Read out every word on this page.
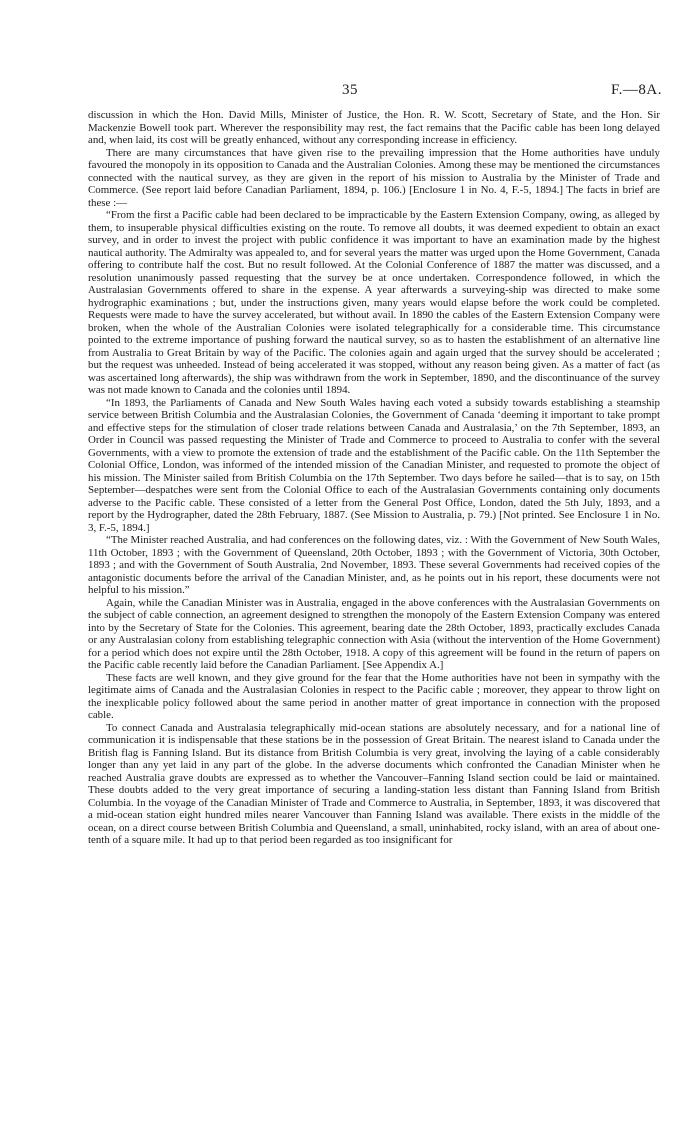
35	F.—8A.

discussion in which the Hon. David Mills, Minister of Justice, the Hon. R. W. Scott, Secretary of State, and the Hon. Sir Mackenzie Bowell took part. Wherever the responsibility may rest, the fact remains that the Pacific cable has been long delayed and, when laid, its cost will be greatly enhanced, without any corresponding increase in efficiency.

There are many circumstances that have given rise to the prevailing impression that the Home authorities have unduly favoured the monopoly in its opposition to Canada and the Australian Colonies. Among these may be mentioned the circumstances connected with the nautical survey, as they are given in the report of his mission to Australia by the Minister of Trade and Commerce. (See report laid before Canadian Parliament, 1894, p. 106.) [Enclosure 1 in No. 4, F.-5, 1894.] The facts in brief are these :—

“From the first a Pacific cable had been declared to be impracticable by the Eastern Extension Company, owing, as alleged by them, to insuperable physical difficulties existing on the route. To remove all doubts, it was deemed expedient to obtain an exact survey, and in order to invest the project with public confidence it was important to have an examination made by the highest nautical authority. The Admiralty was appealed to, and for several years the matter was urged upon the Home Government, Canada offering to contribute half the cost. But no result followed. At the Colonial Conference of 1887 the matter was discussed, and a resolution unanimously passed requesting that the survey be at once undertaken. Correspondence followed, in which the Australasian Governments offered to share in the expense. A year afterwards a surveying-ship was directed to make some hydrographic examinations ; but, under the instructions given, many years would elapse before the work could be completed. Requests were made to have the survey accelerated, but without avail. In 1890 the cables of the Eastern Extension Company were broken, when the whole of the Australian Colonies were isolated telegraphically for a considerable time. This circumstance pointed to the extreme importance of pushing forward the nautical survey, so as to hasten the establishment of an alternative line from Australia to Great Britain by way of the Pacific. The colonies again and again urged that the survey should be accelerated ; but the request was unheeded. Instead of being accelerated it was stopped, without any reason being given. As a matter of fact (as was ascertained long afterwards), the ship was withdrawn from the work in September, 1890, and the discontinuance of the survey was not made known to Canada and the colonies until 1894.

“In 1893, the Parliaments of Canada and New South Wales having each voted a subsidy towards establishing a steamship service between British Columbia and the Australasian Colonies, the Government of Canada ‘deeming it important to take prompt and effective steps for the stimulation of closer trade relations between Canada and Australasia,’ on the 7th September, 1893, an Order in Council was passed requesting the Minister of Trade and Commerce to proceed to Australia to confer with the several Governments, with a view to promote the extension of trade and the establishment of the Pacific cable. On the 11th September the Colonial Office, London, was informed of the intended mission of the Canadian Minister, and requested to promote the object of his mission. The Minister sailed from British Columbia on the 17th September. Two days before he sailed—that is to say, on 15th September—despatches were sent from the Colonial Office to each of the Australasian Governments containing only documents adverse to the Pacific cable. These consisted of a letter from the General Post Office, London, dated the 5th July, 1893, and a report by the Hydrographer, dated the 28th February, 1887. (See Mission to Australia, p. 79.) [Not printed. See Enclosure 1 in No. 3, F.-5, 1894.]

“The Minister reached Australia, and had conferences on the following dates, viz. : With the Government of New South Wales, 11th October, 1893 ; with the Government of Queensland, 20th October, 1893 ; with the Government of Victoria, 30th October, 1893 ; and with the Government of South Australia, 2nd November, 1893. These several Governments had received copies of the antagonistic documents before the arrival of the Canadian Minister, and, as he points out in his report, these documents were not helpful to his mission.”

Again, while the Canadian Minister was in Australia, engaged in the above conferences with the Australasian Governments on the subject of cable connection, an agreement designed to strengthen the monopoly of the Eastern Extension Company was entered into by the Secretary of State for the Colonies. This agreement, bearing date the 28th October, 1893, practically excludes Canada or any Australasian colony from establishing telegraphic connection with Asia (without the intervention of the Home Government) for a period which does not expire until the 28th October, 1918. A copy of this agreement will be found in the return of papers on the Pacific cable recently laid before the Canadian Parliament. [See Appendix A.]

These facts are well known, and they give ground for the fear that the Home authorities have not been in sympathy with the legitimate aims of Canada and the Australasian Colonies in respect to the Pacific cable ; moreover, they appear to throw light on the inexplicable policy followed about the same period in another matter of great importance in connection with the proposed cable.

To connect Canada and Australasia telegraphically mid-ocean stations are absolutely necessary, and for a national line of communication it is indispensable that these stations be in the possession of Great Britain. The nearest island to Canada under the British flag is Fanning Island. But its distance from British Columbia is very great, involving the laying of a cable considerably longer than any yet laid in any part of the globe. In the adverse documents which confronted the Canadian Minister when he reached Australia grave doubts are expressed as to whether the Vancouver–Fanning Island section could be laid or maintained. These doubts added to the very great importance of securing a landing-station less distant than Fanning Island from British Columbia. In the voyage of the Canadian Minister of Trade and Commerce to Australia, in September, 1893, it was discovered that a mid-ocean station eight hundred miles nearer Vancouver than Fanning Island was available. There exists in the middle of the ocean, on a direct course between British Columbia and Queensland, a small, uninhabited, rocky island, with an area of about one-tenth of a square mile. It had up to that period been regarded as too insignificant for
